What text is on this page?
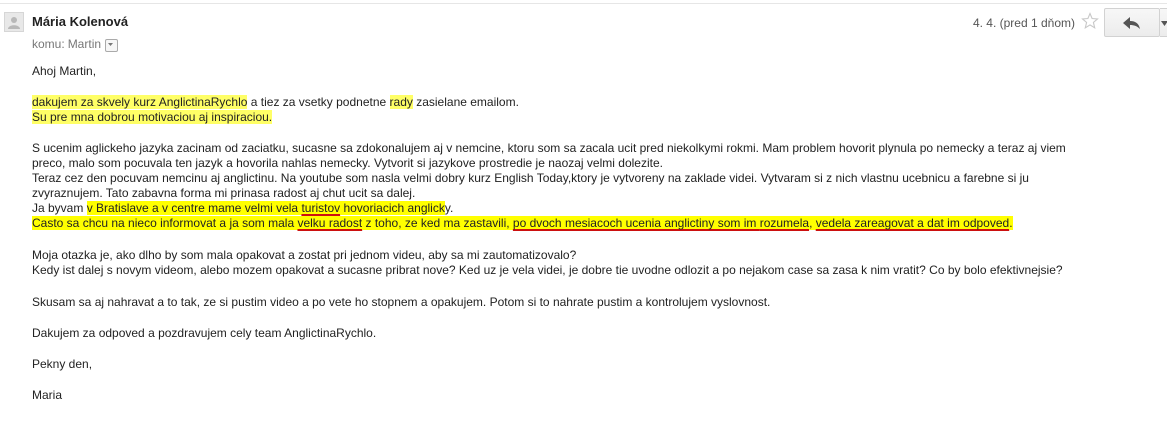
Mária Kolenová
komu: Martin
4. 4. (pred 1 dňom)
Ahoj Martin,
dakujem za skvely kurz AnglictinaRychlo a tiez za vsetky podnetne rady zasielane emailom.
Su pre mna dobrou motivaciou aj inspiraciou.
S ucenim aglickeho jazyka zacinam od zaciatku, sucasne sa zdokonalujem aj v nemcine, ktoru som sa zacala ucit pred niekolkymi rokmi. Mam problem hovorit plynula po nemecky a teraz aj viem
preco, malo som pocuvala ten jazyk a hovorila nahlas nemecky. Vytvorit si jazykove prostredie je naozaj velmi dolezite.
Teraz cez den pocuvam nemcinu aj anglictinu. Na youtube som nasla velmi dobry kurz English Today,ktory je vytvoreny na zaklade videi. Vytvaram si z nich vlastnu ucebnicu a farebne si ju
zvyraznujem. Tato zabavna forma mi prinasa radost aj chut ucit sa dalej.
Ja byvam v Bratislave a v centre mame velmi vela turistov hovoriacich anglicky.
Casto sa chcu na nieco informovat a ja som mala velku radost z toho, ze ked ma zastavili, po dvoch mesiacoch ucenia anglictiny som im rozumela, vedela zareagovat a dat im odpoved.
Moja otazka je, ako dlho by som mala opakovat a zostat pri jednom videu, aby sa mi zautomatizovalo?
Kedy ist dalej s novym videom, alebo mozem opakovat a sucasne pribrat nove? Ked uz je vela videi, je dobre tie uvodne odlozit a po nejakom case sa zasa k nim vratit? Co by bolo efektivnejsie?
Skusam sa aj nahravat a to tak, ze si pustim video a po vete ho stopnem a opakujem. Potom si to nahrate pustim a kontrolujem vyslovnost.
Dakujem za odpoved a pozdravujem cely team AnglictinaRychlo.
Pekny den,
Maria
